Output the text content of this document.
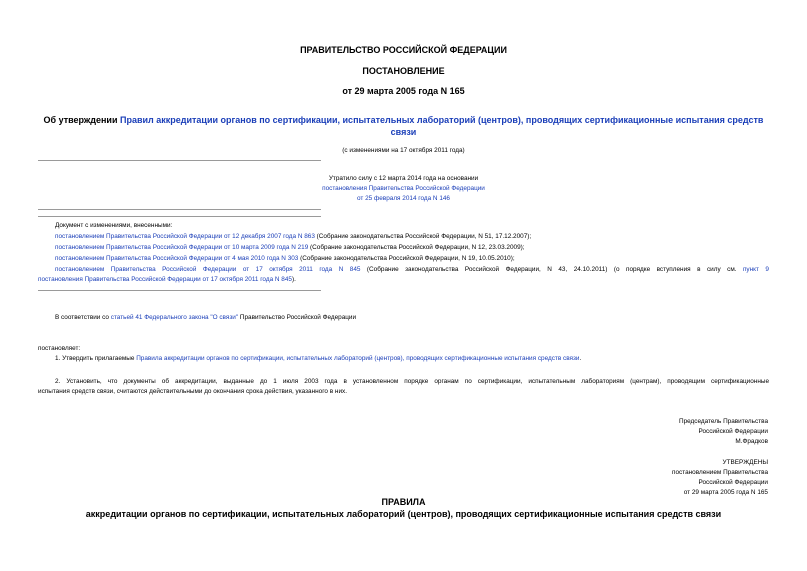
ПРАВИТЕЛЬСТВО РОССИЙСКОЙ ФЕДЕРАЦИИ
ПОСТАНОВЛЕНИЕ
от 29 марта 2005 года N 165
Об утверждении Правил аккредитации органов по сертификации, испытательных лабораторий (центров), проводящих сертификационные испытания средств
связи
(с изменениями на 17 октября 2011 года)
Утратило силу с 12 марта 2014 года на основании
постановления Правительства Российской Федерации
от 25 февраля 2014 года N 146
Документ с изменениями, внесенными:
постановлением Правительства Российской Федерации от 12 декабря 2007 года N 863 (Собрание законодательства Российской Федерации, N 51, 17.12.2007);
постановлением Правительства Российской Федерации от 10 марта 2009 года N 219 (Собрание законодательства Российской Федерации, N 12, 23.03.2009);
постановлением Правительства Российской Федерации от 4 мая 2010 года N 303 (Собрание законодательства Российской Федерации, N 19, 10.05.2010);
постановлением Правительства Российской Федерации от 17 октября 2011 года N 845 (Собрание законодательства Российской Федерации, N 43, 24.10.2011) (о порядке вступления в силу см. пункт 9
постановления Правительства Российской Федерации от 17 октября 2011 года N 845).
В соответствии со статьей 41 Федерального закона "О связи" Правительство Российской Федерации
постановляет:
1. Утвердить прилагаемые Правила аккредитации органов по сертификации, испытательных лабораторий (центров), проводящих сертификационные испытания средств связи.
2. Установить, что документы об аккредитации, выданные до 1 июля 2003 года в установленном порядке органам по сертификации, испытательным лабораториям (центрам), проводящим сертификационные
испытания средств связи, считаются действительными до окончания срока действия, указанного в них.
Председатель Правительства
Российской Федерации
М.Фрадков
УТВЕРЖДЕНЫ
постановлением Правительства
Российской Федерации
от 29 марта 2005 года N 165
ПРАВИЛА
аккредитации органов по сертификации, испытательных лабораторий (центров), проводящих сертификационные испытания средств связи
